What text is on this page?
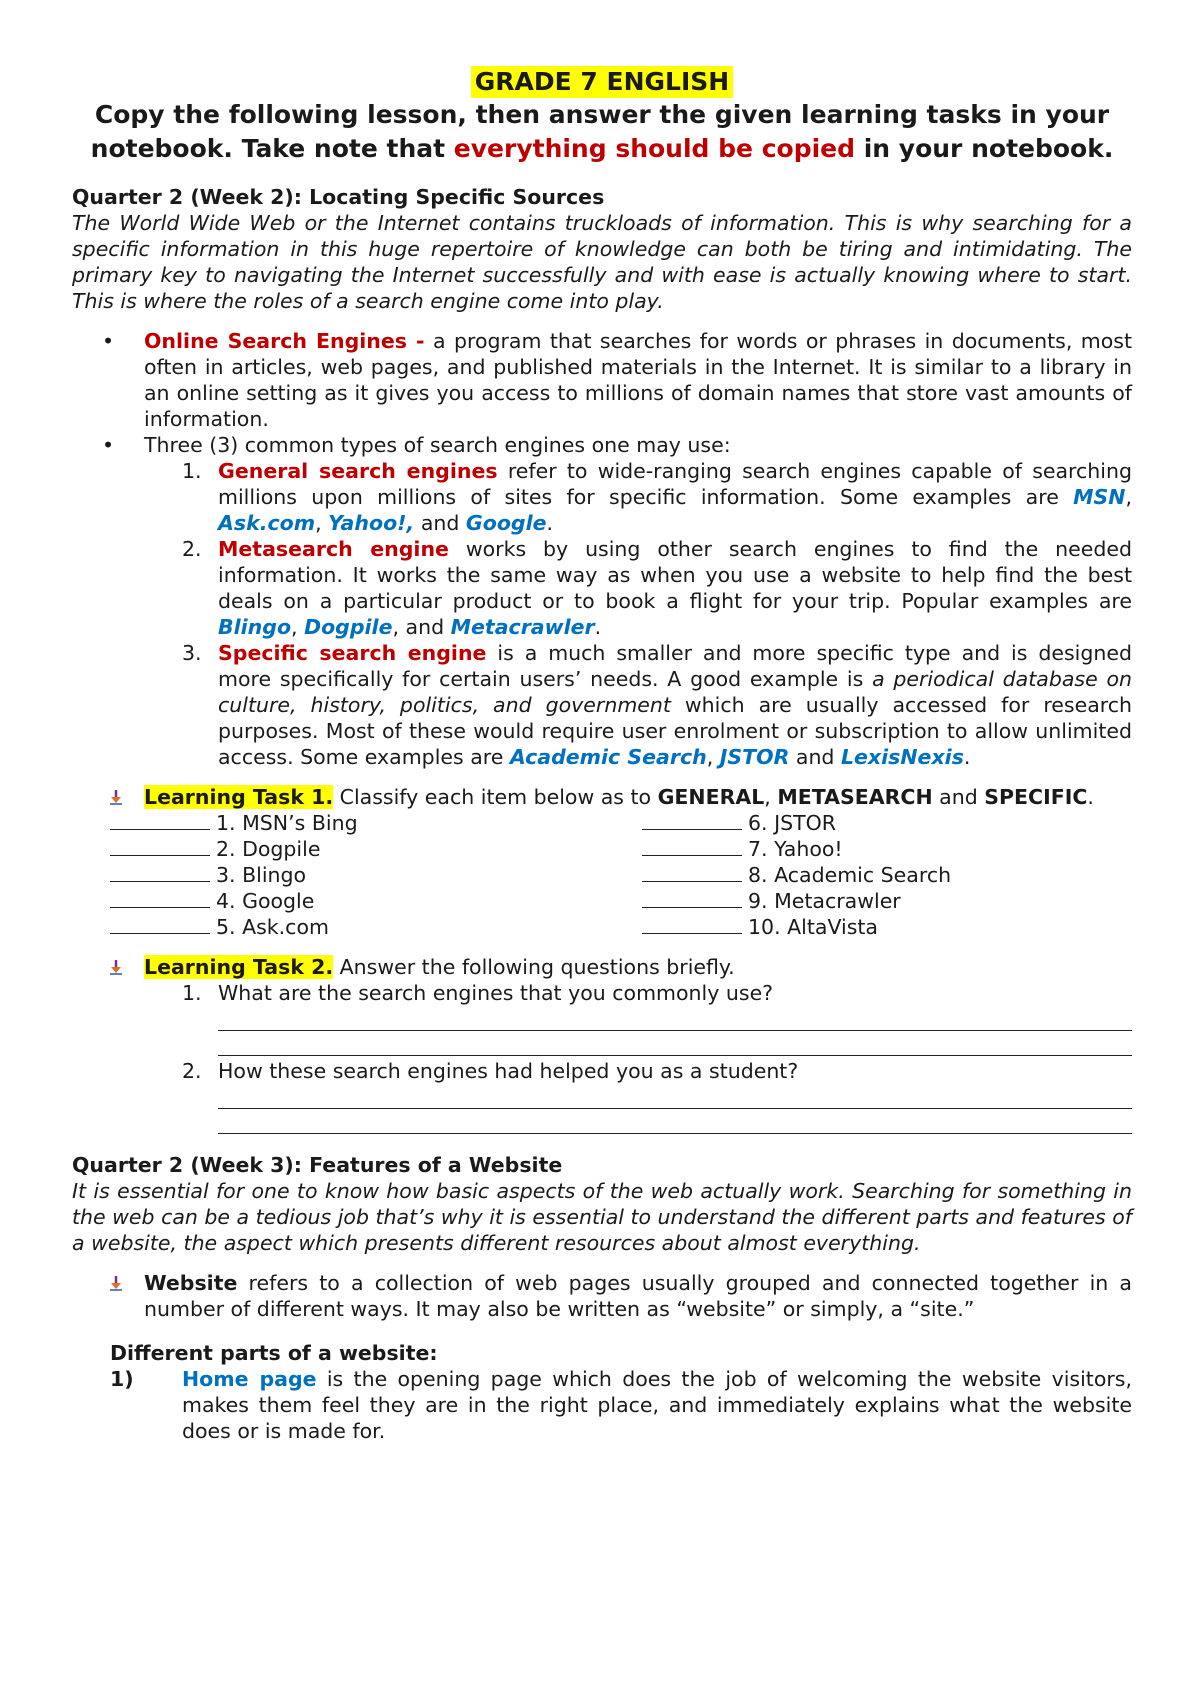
GRADE 7 ENGLISH
Copy the following lesson, then answer the given learning tasks in your notebook. Take note that everything should be copied in your notebook.
Quarter 2 (Week 2): Locating Specific Sources
The World Wide Web or the Internet contains truckloads of information. This is why searching for a specific information in this huge repertoire of knowledge can both be tiring and intimidating. The primary key to navigating the Internet successfully and with ease is actually knowing where to start. This is where the roles of a search engine come into play.
• Online Search Engines - a program that searches for words or phrases in documents, most often in articles, web pages, and published materials in the Internet. It is similar to a library in an online setting as it gives you access to millions of domain names that store vast amounts of information.
• Three (3) common types of search engines one may use:
1. General search engines refer to wide-ranging search engines capable of searching millions upon millions of sites for specific information. Some examples are MSN, Ask.com, Yahoo!, and Google.
2. Metasearch engine works by using other search engines to find the needed information. It works the same way as when you use a website to help find the best deals on a particular product or to book a flight for your trip. Popular examples are Blingo, Dogpile, and Metacrawler.
3. Specific search engine is a much smaller and more specific type and is designed more specifically for certain users’ needs. A good example is a periodical database on culture, history, politics, and government which are usually accessed for research purposes. Most of these would require user enrolment or subscription to allow unlimited access. Some examples are Academic Search, JSTOR and LexisNexis.
Learning Task 1. Classify each item below as to GENERAL, METASEARCH and SPECIFIC.
1. MSN’s Bing
2. Dogpile
3. Blingo
4. Google
5. Ask.com
6. JSTOR
7. Yahoo!
8. Academic Search
9. Metacrawler
10. AltaVista
Learning Task 2. Answer the following questions briefly.
1. What are the search engines that you commonly use?
2. How these search engines had helped you as a student?
Quarter 2 (Week 3): Features of a Website
It is essential for one to know how basic aspects of the web actually work. Searching for something in the web can be a tedious job that’s why it is essential to understand the different parts and features of a website, the aspect which presents different resources about almost everything.
Website refers to a collection of web pages usually grouped and connected together in a number of different ways. It may also be written as “website” or simply, a “site.”
Different parts of a website:
1) Home page is the opening page which does the job of welcoming the website visitors, makes them feel they are in the right place, and immediately explains what the website does or is made for.
